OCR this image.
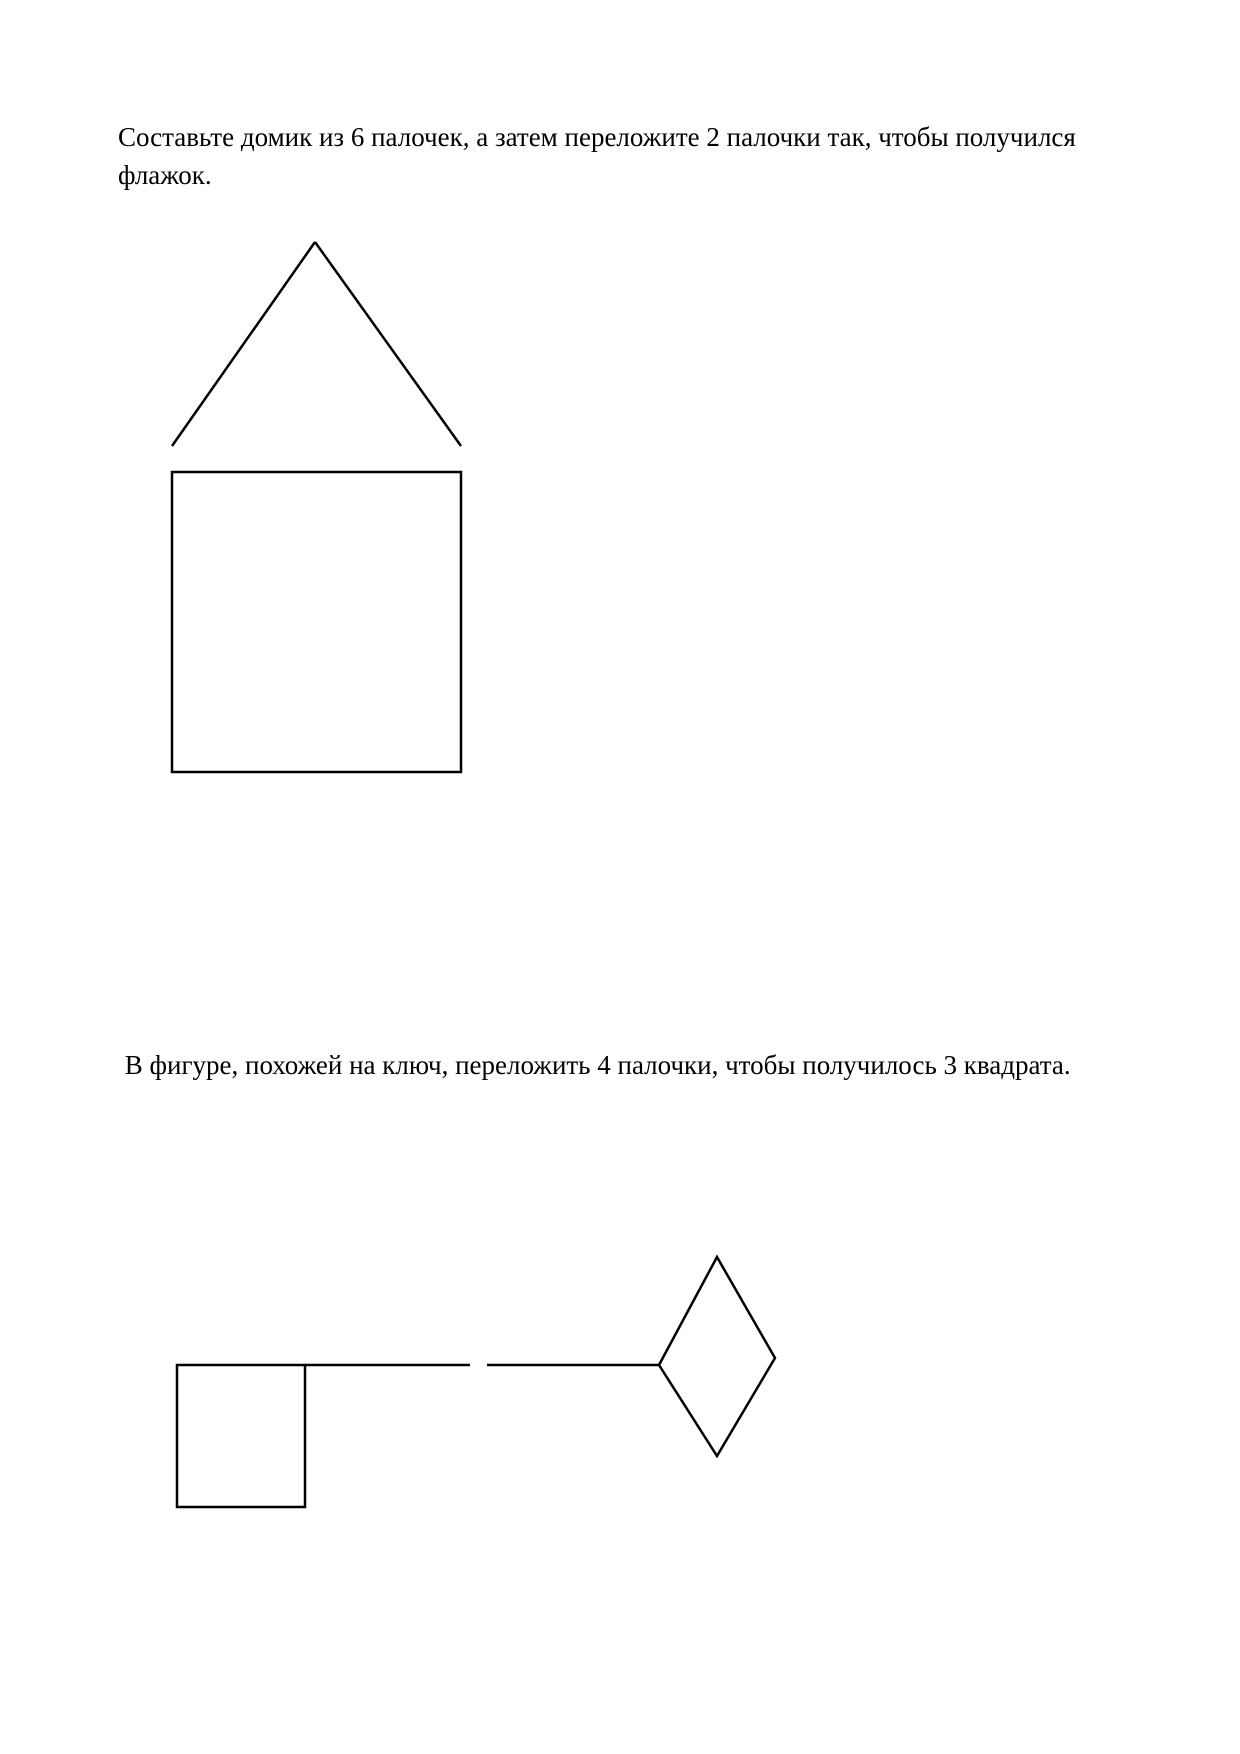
Составьте домик из 6 палочек, а затем переложите 2 палочки так, чтобы получился флажок.

В фигуре, похожей на ключ, переложить 4 палочки, чтобы получилось 3 квадрата.
